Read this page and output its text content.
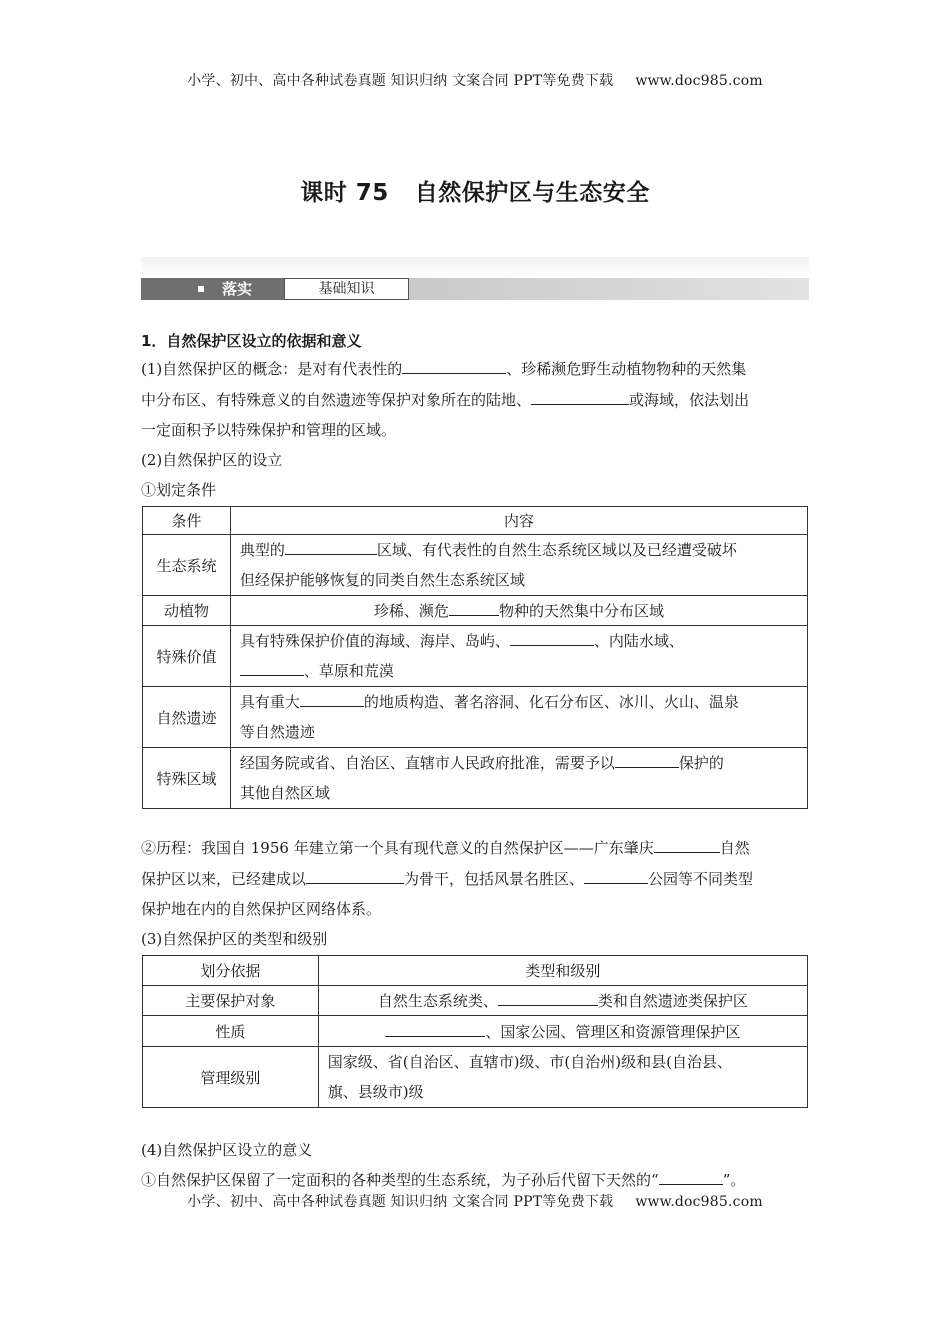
小学、初中、高中各种试卷真题 知识归纳 文案合同 PPT等免费下载 www.doc985.com
课时 75 自然保护区与生态安全
落实	基础知识
1．自然保护区设立的依据和意义
(1)自然保护区的概念：是对有代表性的	、珍稀濒危野生动植物物种的天然集
中分布区、有特殊意义的自然遗迹等保护对象所在的陆地、	或海域，依法划出
一定面积予以特殊保护和管理的区域。
(2)自然保护区的设立
①划定条件
条件	内容
生态系统	典型的 区域、有代表性的自然生态系统区域以及已经遭受破坏
但经保护能够恢复的同类自然生态系统区域
动植物	珍稀、濒危 物种的天然集中分布区域
特殊价值	具有特殊保护价值的海域、海岸、岛屿、 、内陆水域、
、草原和荒漠
自然遗迹	具有重大 的地质构造、著名溶洞、化石分布区、冰川、火山、温泉
等自然遗迹
特殊区域	经国务院或省、自治区、直辖市人民政府批准，需要予以 保护的
其他自然区域
②历程：我国自 1956 年建立第一个具有现代意义的自然保护区——广东肇庆	自然
保护区以来，已经建成以	为骨干，包括风景名胜区、	公园等不同类型
保护地在内的自然保护区网络体系。
(3)自然保护区的类型和级别
划分依据	类型和级别
主要保护对象	自然生态系统类、 类和自然遗迹类保护区
性质	、国家公园、管理区和资源管理保护区
管理级别	国家级、省(自治区、直辖市)级、市(自治州)级和县(自治县、
旗、县级市)级
(4)自然保护区设立的意义
①自然保护区保留了一定面积的各种类型的生态系统，为子孙后代留下天然的“	”。
小学、初中、高中各种试卷真题 知识归纳 文案合同 PPT等免费下载 www.doc985.com
